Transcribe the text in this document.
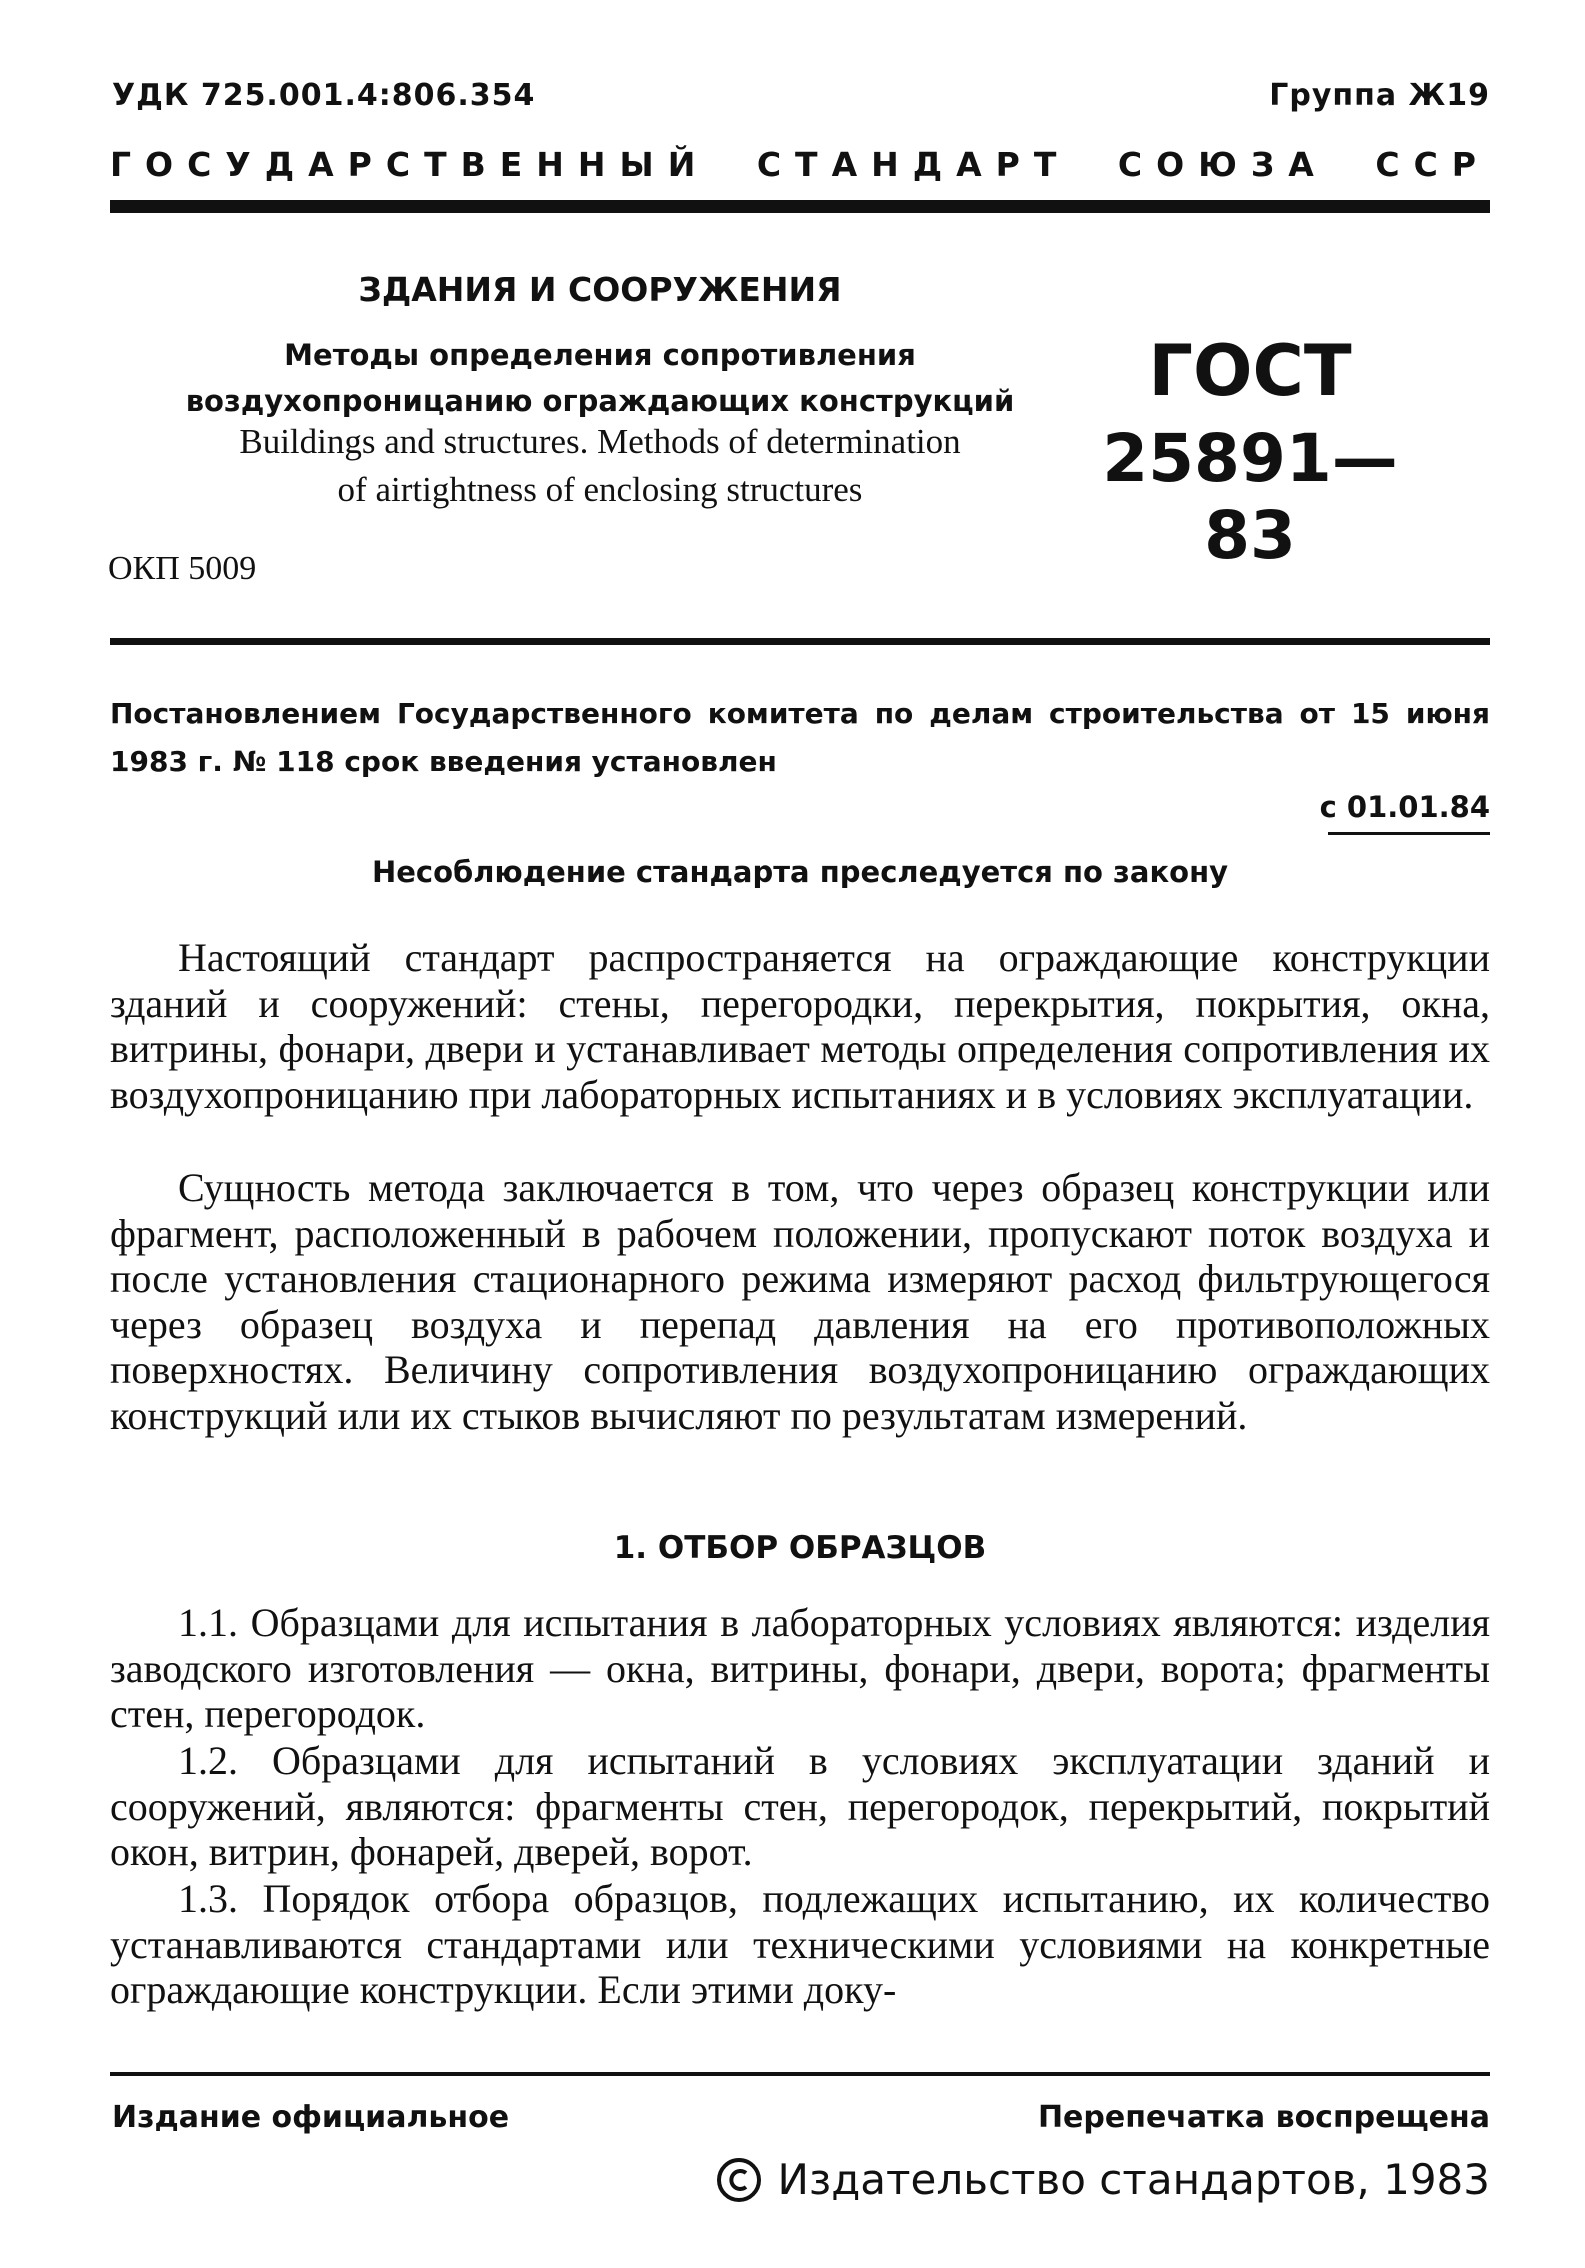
УДК 725.001.4:806.354	Группа Ж19
ГОСУДАРСТВЕННЫЙ СТАНДАРТ СОЮЗА ССР
ЗДАНИЯ И СООРУЖЕНИЯ
Методы определения сопротивления
воздухопроницанию ограждающих конструкций
Buildings and structures. Methods of determination
of airtightness of enclosing structures
ГОСТ
25891—83
ОКП 5009
Постановлением Государственного комитета по делам строительства от 15 июня 1983 г. № 118 срок введения установлен
с 01.01.84
Несоблюдение стандарта преследуется по закону

Настоящий стандарт распространяется на ограждающие конструкции зданий и сооружений: стены, перегородки, перекрытия, покрытия, окна, витрины, фонари, двери и устанавливает методы определения сопротивления их воздухопроницанию при лабораторных испытаниях и в условиях эксплуатации.

Сущность метода заключается в том, что через образец конструкции или фрагмент, расположенный в рабочем положении, пропускают поток воздуха и после установления стационарного режима измеряют расход фильтрующегося через образец воздуха и перепад давления на его противоположных поверхностях. Величину сопротивления воздухопроницанию ограждающих конструкций или их стыков вычисляют по результатам измерений.

1. ОТБОР ОБРАЗЦОВ

1.1. Образцами для испытания в лабораторных условиях являются: изделия заводского изготовления — окна, витрины, фонари, двери, ворота; фрагменты стен, перегородок.

1.2. Образцами для испытаний в условиях эксплуатации зданий и сооружений, являются: фрагменты стен, перегородок, перекрытий, покрытий окон, витрин, фонарей, дверей, ворот.

1.3. Порядок отбора образцов, подлежащих испытанию, их количество устанавливаются стандартами или техническими условиями на конкретные ограждающие конструкции. Если этими доку-

Издание официальное	Перепечатка воспрещена
Издательство стандартов, 1983
